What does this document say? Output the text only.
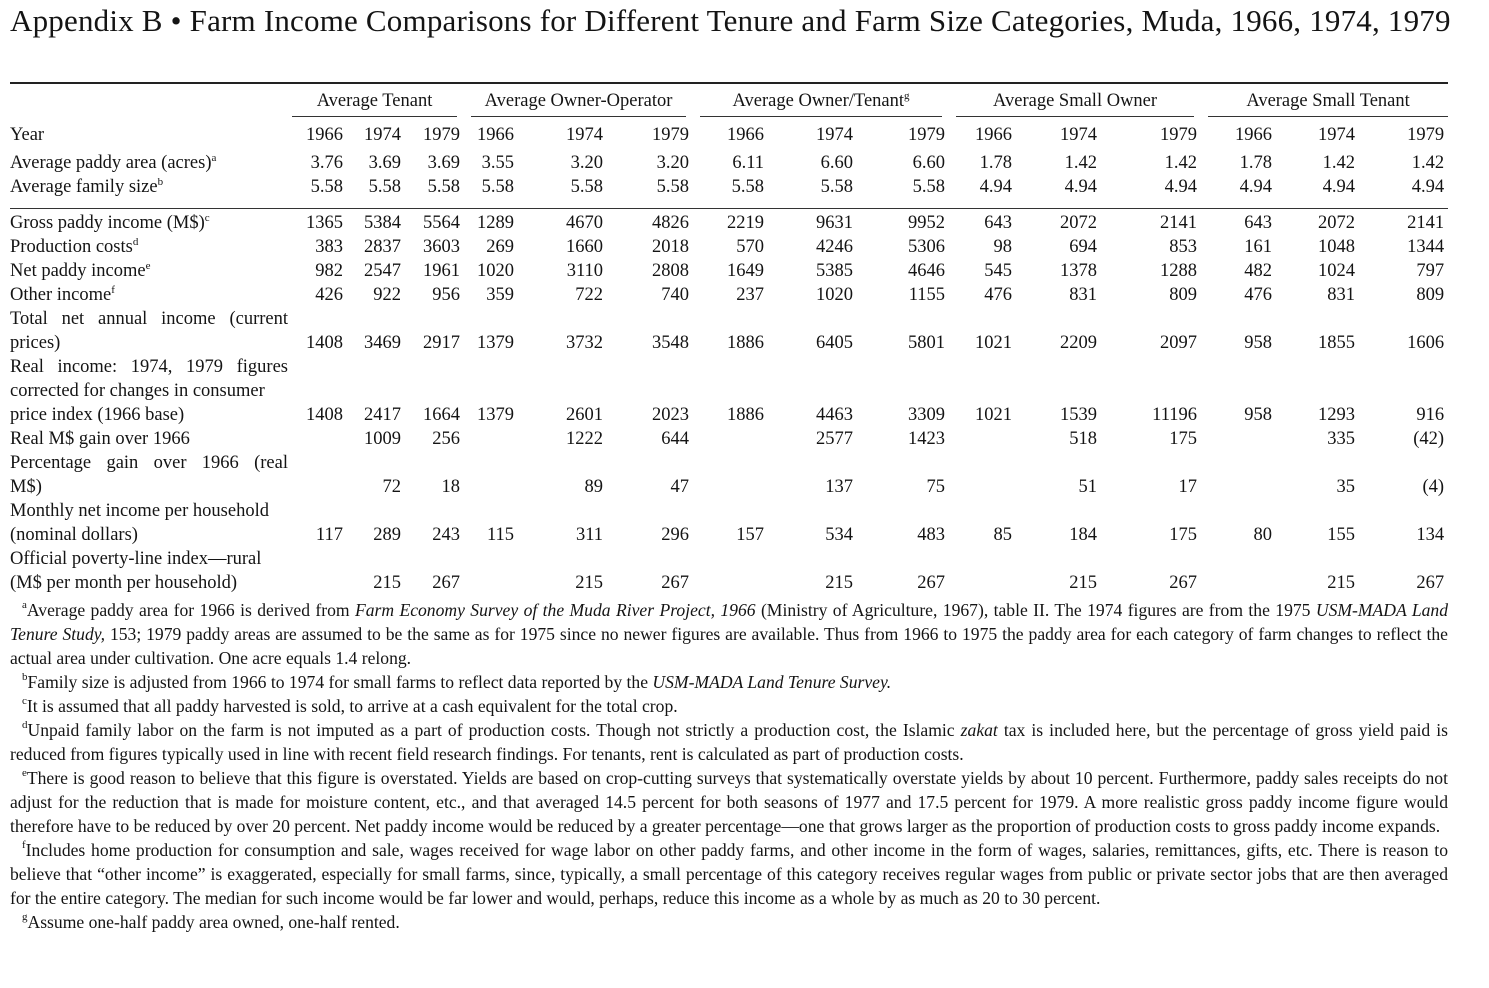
Appendix B • Farm Income Comparisons for Different Tenure and Farm Size Categories, Muda, 1966, 1974, 1979
	Average Tenant			Average Owner-Operator			Average Owner/Tenant$^g$			Average Small Owner			Average Small Tenant		
Year	1966	1974	1979	1966	1974	1979	1966	1974	1979	1966	1974	1979	1966	1974	1979
Average paddy area (acres)$^a$	3.76	3.69	3.69	3.55	3.20	3.20	6.11	6.60	6.60	1.78	1.42	1.42	1.78	1.42	1.42
Average family size$^b$	5.58	5.58	5.58	5.58	5.58	5.58	5.58	5.58	5.58	4.94	4.94	4.94	4.94	4.94	4.94

Gross paddy income (M$)$^c$	1365	5384	5564	1289	4670	4826	2219	9631	9952	643	2072	2141	643	2072	2141
Production costs$^d$	383	2837	3603	269	1660	2018	570	4246	5306	98	694	853	161	1048	1344
Net paddy income$^e$	982	2547	1961	1020	3110	2808	1649	5385	4646	545	1378	1288	482	1024	797
Other income$^f$	426	922	956	359	722	740	237	1020	1155	476	831	809	476	831	809
Total net annual income (current															
prices)	1408	3469	2917	1379	3732	3548	1886	6405	5801	1021	2209	2097	958	1855	1606
Real income: 1974, 1979 figures															
corrected for changes in consumer															
price index (1966 base)	1408	2417	1664	1379	2601	2023	1886	4463	3309	1021	1539	11196	958	1293	916
Real M$ gain over 1966		1009	256		1222	644		2577	1423		518	175		335	(42)
Percentage gain over 1966 (real															
M$)		72	18		89	47		137	75		51	17		35	(4)
Monthly net income per household															
(nominal dollars)	117	289	243	115	311	296	157	534	483	85	184	175	80	155	134
Official poverty-line index—rural															
(M$ per month per household)		215	267		215	267		215	267		215	267		215	267

$^a$Average paddy area for 1966 is derived from Farm Economy Survey of the Muda River Project, 1966 (Ministry of Agriculture, 1967), table II. The 1974 figures are from the 1975 USM-MADA Land Tenure Study, 153; 1979 paddy areas are assumed to be the same as for 1975 since no newer figures are available. Thus from 1966 to 1975 the paddy area for each category of farm changes to reflect the actual area under cultivation. One acre equals 1.4 relong.

$^b$Family size is adjusted from 1966 to 1974 for small farms to reflect data reported by the USM-MADA Land Tenure Survey.

$^c$It is assumed that all paddy harvested is sold, to arrive at a cash equivalent for the total crop.

$^d$Unpaid family labor on the farm is not imputed as a part of production costs. Though not strictly a production cost, the Islamic zakat tax is included here, but the percentage of gross yield paid is reduced from figures typically used in line with recent field research findings. For tenants, rent is calculated as part of production costs.

$^e$There is good reason to believe that this figure is overstated. Yields are based on crop-cutting surveys that systematically overstate yields by about 10 percent. Furthermore, paddy sales receipts do not adjust for the reduction that is made for moisture content, etc., and that averaged 14.5 percent for both seasons of 1977 and 17.5 percent for 1979. A more realistic gross paddy income figure would therefore have to be reduced by over 20 percent. Net paddy income would be reduced by a greater percentage—one that grows larger as the proportion of production costs to gross paddy income expands.

$^f$Includes home production for consumption and sale, wages received for wage labor on other paddy farms, and other income in the form of wages, salaries, remittances, gifts, etc. There is reason to believe that “other income” is exaggerated, especially for small farms, since, typically, a small percentage of this category receives regular wages from public or private sector jobs that are then averaged for the entire category. The median for such income would be far lower and would, perhaps, reduce this income as a whole by as much as 20 to 30 percent.

$^g$Assume one-half paddy area owned, one-half rented.
